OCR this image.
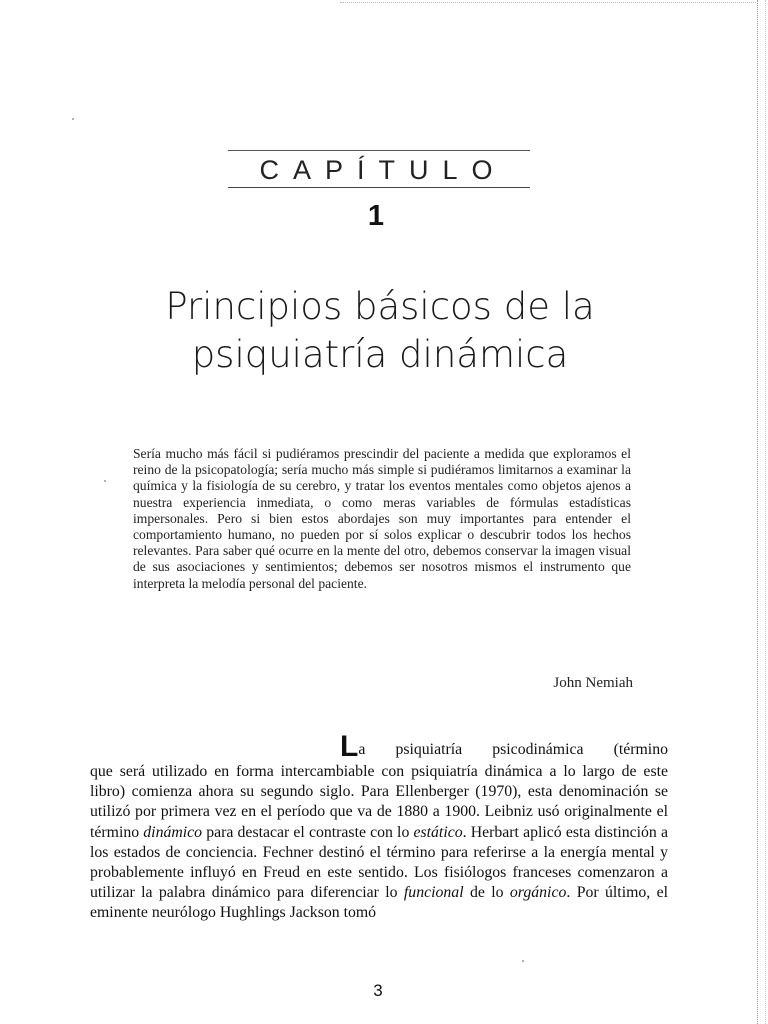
CAPÍTULO
1
Principios básicos de la
psiquiatría dinámica
Sería mucho más fácil si pudiéramos prescindir del paciente a medida que exploramos el reino de la psicopatología; sería mucho más simple si pudiéramos limitarnos a examinar la química y la fisiología de su cerebro, y tratar los eventos mentales como objetos ajenos a nuestra experiencia inmediata, o como meras variables de fórmulas estadísticas impersonales. Pero si bien estos abordajes son muy importantes para entender el comportamiento humano, no pueden por sí solos explicar o descubrir todos los hechos relevantes. Para saber qué ocurre en la mente del otro, debemos conservar la imagen visual de sus asociaciones y sentimientos; debemos ser nosotros mismos el instrumento que interpreta la melodía personal del paciente.
John Nemiah
La psiquiatría psicodinámica (término
que será utilizado en forma intercambiable con psiquiatría dinámica a lo largo de este libro) comienza ahora su segundo siglo. Para Ellenberger (1970), esta denominación se utilizó por primera vez en el período que va de 1880 a 1900. Leibniz usó originalmente el término dinámico para destacar el contraste con lo estático. Herbart aplicó esta distinción a los estados de conciencia. Fechner destinó el término para referirse a la energía mental y probablemente influyó en Freud en este sentido. Los fisiólogos franceses comenzaron a utilizar la palabra dinámico para diferenciar lo funcional de lo orgánico. Por último, el eminente neurólogo Hughlings Jackson tomó
3
